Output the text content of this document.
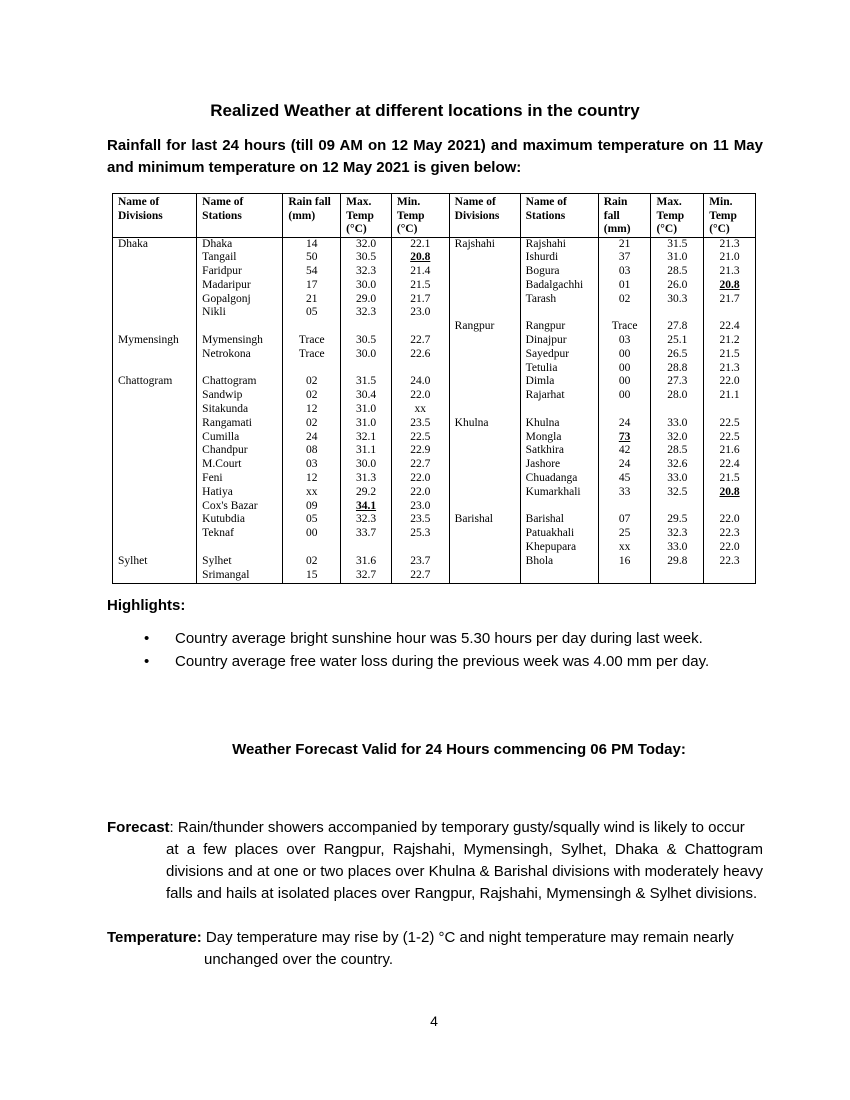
Realized Weather at different locations in the country
Rainfall for last 24 hours (till 09 AM on 12 May 2021) and maximum temperature on 11 May and minimum temperature on 12 May 2021 is given below:
Name of Divisions	Name of Stations	Rain fall (mm)	Max. Temp (°C)	Min. Temp (°C)	Name of Divisions	Name of Stations	Rain fall (mm)	Max. Temp (°C)	Min. Temp (°C)
Dhaka	Dhaka	14	32.0	22.1	Rajshahi	Rajshahi	21	31.5	21.3
	Tangail	50	30.5	20.8		Ishurdi	37	31.0	21.0
	Faridpur	54	32.3	21.4		Bogura	03	28.5	21.3
	Madaripur	17	30.0	21.5		Badalgachhi	01	26.0	20.8
	Gopalgonj	21	29.0	21.7		Tarash	02	30.3	21.7
	Nikli	05	32.3	23.0					
					Rangpur	Rangpur	Trace	27.8	22.4
Mymensingh	Mymensingh	Trace	30.5	22.7		Dinajpur	03	25.1	21.2
	Netrokona	Trace	30.0	22.6		Sayedpur	00	26.5	21.5
						Tetulia	00	28.8	21.3
Chattogram	Chattogram	02	31.5	24.0		Dimla	00	27.3	22.0
	Sandwip	02	30.4	22.0		Rajarhat	00	28.0	21.1
	Sitakunda	12	31.0	xx					
	Rangamati	02	31.0	23.5	Khulna	Khulna	24	33.0	22.5
	Cumilla	24	32.1	22.5		Mongla	73	32.0	22.5
	Chandpur	08	31.1	22.9		Satkhira	42	28.5	21.6
	M.Court	03	30.0	22.7		Jashore	24	32.6	22.4
	Feni	12	31.3	22.0		Chuadanga	45	33.0	21.5
	Hatiya	xx	29.2	22.0		Kumarkhali	33	32.5	20.8
	Cox's Bazar	09	34.1	23.0					
	Kutubdia	05	32.3	23.5	Barishal	Barishal	07	29.5	22.0
	Teknaf	00	33.7	25.3		Patuakhali	25	32.3	22.3
						Khepupara	xx	33.0	22.0
Sylhet	Sylhet	02	31.6	23.7		Bhola	16	29.8	22.3
	Srimangal	15	32.7	22.7					
Highlights:
• Country average bright sunshine hour was 5.30 hours per day during last week.
• Country average free water loss during the previous week was 4.00 mm per day.
Weather Forecast Valid for 24 Hours commencing 06 PM Today:
Forecast: Rain/thunder showers accompanied by temporary gusty/squally wind is likely to occur
at a few places over Rangpur, Rajshahi, Mymensingh, Sylhet, Dhaka & Chattogram divisions and at one or two places over Khulna & Barishal divisions with moderately heavy falls and hails at isolated places over Rangpur, Rajshahi, Mymensingh & Sylhet divisions.
Temperature: Day temperature may rise by (1-2) °C and night temperature may remain nearly
unchanged over the country.
4
